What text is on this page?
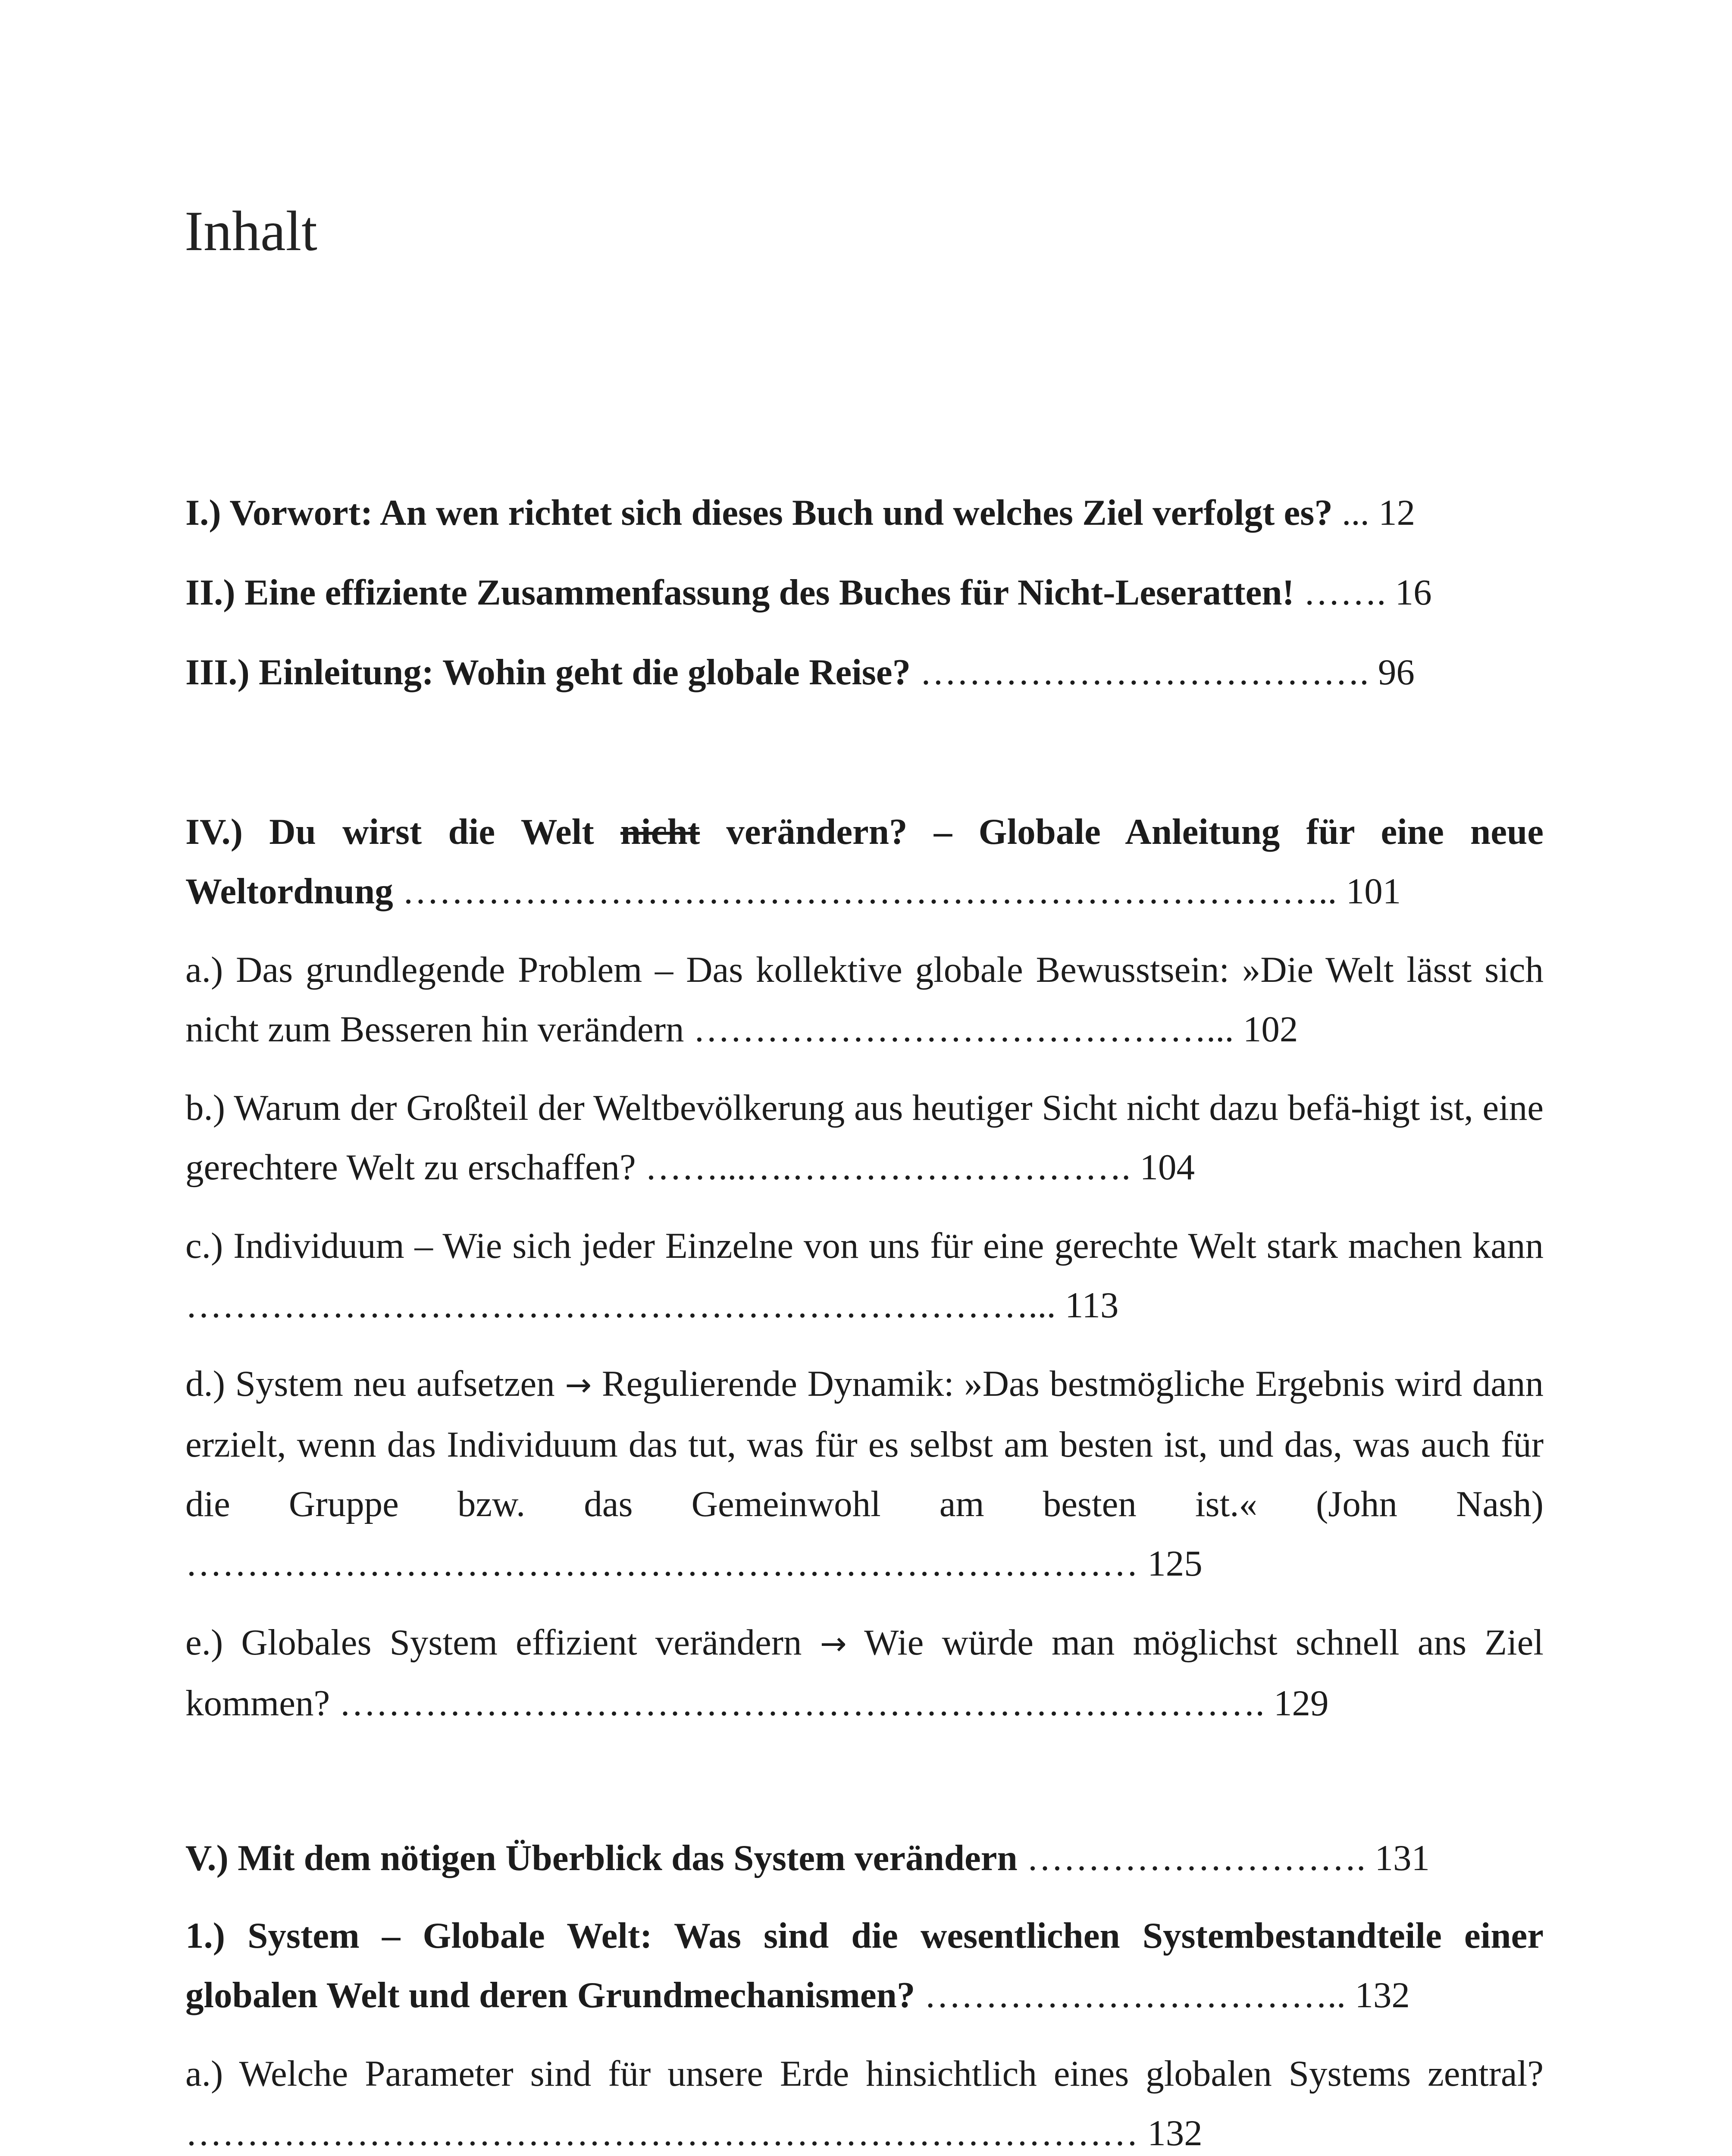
Inhalt

I.) Vorwort: An wen richtet sich dieses Buch und welches Ziel verfolgt es? ... 12

II.) Eine effiziente Zusammenfassung des Buches für Nicht-Leseratten! ……. 16

III.) Einleitung: Wohin geht die globale Reise? ………………………………. 96

IV.) Du wirst die Welt nicht verändern? – Globale Anleitung für eine neue Weltordnung ………………………………………………………………….. 101

a.) Das grundlegende Problem – Das kollektive globale Bewusstsein: »Die Welt lässt sich nicht zum Besseren hin verändern ……………………………………... 102

b.) Warum der Großteil der Weltbevölkerung aus heutiger Sicht nicht dazu befä-higt ist, eine gerechtere Welt zu erschaffen? ……...….………………………. 104

c.) Individuum – Wie sich jeder Einzelne von uns für eine gerechte Welt stark machen kann ……………………………………………………………... 113

d.) System neu aufsetzen → Regulierende Dynamik: »Das bestmögliche Ergebnis wird dann erzielt, wenn das Individuum das tut, was für es selbst am besten ist, und das, was auch für die Gruppe bzw. das Gemeinwohl am besten ist.« (John Nash) …………………………………………………………………… 125

e.) Globales System effizient verändern → Wie würde man möglichst schnell ans Ziel kommen? …………………………………………………………………. 129

V.) Mit dem nötigen Überblick das System verändern ………………………. 131

1.) System – Globale Welt: Was sind die wesentlichen Systembestandteile einer globalen Welt und deren Grundmechanismen? …………………………….. 132

a.) Welche Parameter sind für unsere Erde hinsichtlich eines globalen Systems zentral? …………………………………………………………………… 132
